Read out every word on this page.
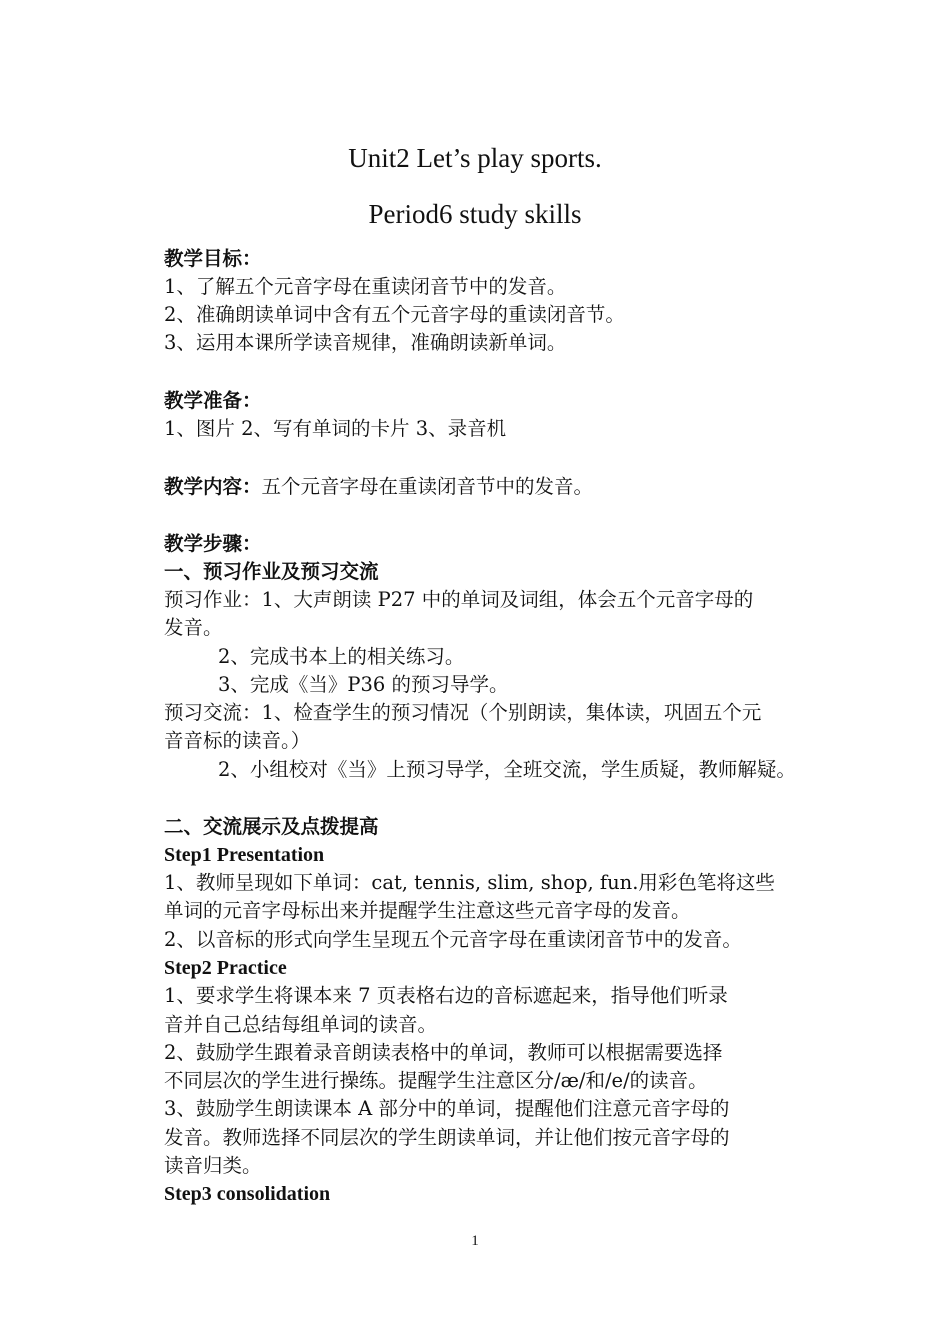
Unit2 Let’s play sports.
Period6 study skills
教学目标：
1、了解五个元音字母在重读闭音节中的发音。
2、准确朗读单词中含有五个元音字母的重读闭音节。
3、运用本课所学读音规律，准确朗读新单词。
教学准备：
1、图片 2、写有单词的卡片 3、录音机
教学内容：五个元音字母在重读闭音节中的发音。
教学步骤：
一、预习作业及预习交流
预习作业：1、大声朗读 P27 中的单词及词组，体会五个元音字母的
发音。
2、完成书本上的相关练习。
3、完成《当》P36 的预习导学。
预习交流：1、检查学生的预习情况（个别朗读，集体读，巩固五个元
音音标的读音。）
2、小组校对《当》上预习导学，全班交流，学生质疑，教师解疑。
二、交流展示及点拨提高
Step1 Presentation
1、教师呈现如下单词：cat, tennis, slim, shop, fun.用彩色笔将这些
单词的元音字母标出来并提醒学生注意这些元音字母的发音。
2、以音标的形式向学生呈现五个元音字母在重读闭音节中的发音。
Step2 Practice
1、要求学生将课本来 7 页表格右边的音标遮起来，指导他们听录
音并自己总结每组单词的读音。
2、鼓励学生跟着录音朗读表格中的单词，教师可以根据需要选择
不同层次的学生进行操练。提醒学生注意区分/æ/和/e/的读音。
3、鼓励学生朗读课本 A 部分中的单词，提醒他们注意元音字母的
发音。教师选择不同层次的学生朗读单词，并让他们按元音字母的
读音归类。
Step3 consolidation
1
